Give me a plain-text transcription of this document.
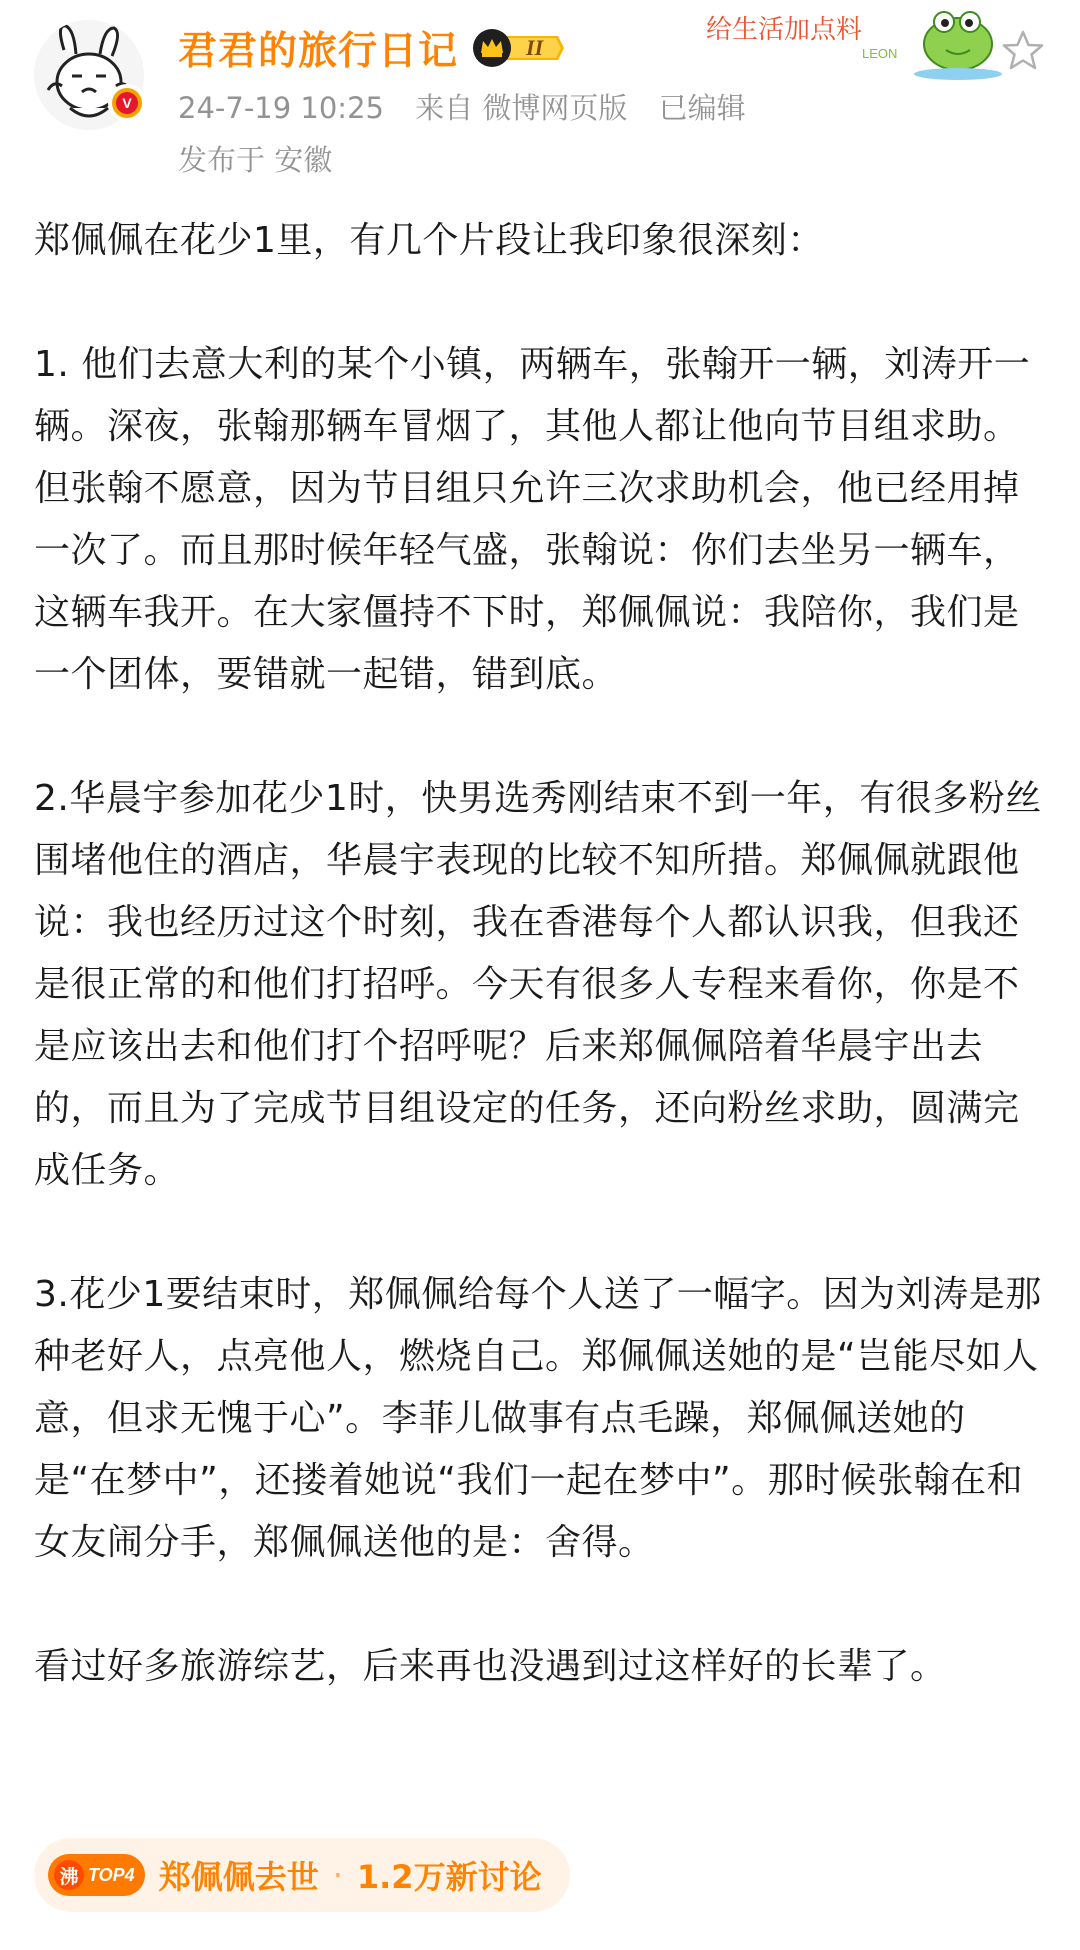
V
君君的旅行日记	II
24-7-19 10:25 来自 微博网页版 已编辑
发布于 安徽
给生活加点料
LEON

郑佩佩在花少1里，有几个片段让我印象很深刻：

1. 他们去意大利的某个小镇，两辆车，张翰开一辆，刘涛开一辆。深夜，张翰那辆车冒烟了，其他人都让他向节目组求助。但张翰不愿意，因为节目组只允许三次求助机会，他已经用掉一次了。而且那时候年轻气盛，张翰说：你们去坐另一辆车，这辆车我开。在大家僵持不下时，郑佩佩说：我陪你，我们是一个团体，要错就一起错，错到底。

2.华晨宇参加花少1时，快男选秀刚结束不到一年，有很多粉丝围堵他住的酒店，华晨宇表现的比较不知所措。郑佩佩就跟他说：我也经历过这个时刻，我在香港每个人都认识我，但我还是很正常的和他们打招呼。今天有很多人专程来看你，你是不是应该出去和他们打个招呼呢？后来郑佩佩陪着华晨宇出去的，而且为了完成节目组设定的任务，还向粉丝求助，圆满完成任务。

3.花少1要结束时，郑佩佩给每个人送了一幅字。因为刘涛是那种老好人，点亮他人，燃烧自己。郑佩佩送她的是“岂能尽如人意，但求无愧于心”。李菲儿做事有点毛躁，郑佩佩送她的是“在梦中”，还搂着她说“我们一起在梦中”。那时候张翰在和女友闹分手，郑佩佩送他的是：舍得。

看过好多旅游综艺，后来再也没遇到过这样好的长辈了。

沸 TOP4 郑佩佩去世 · 1.2万新讨论
